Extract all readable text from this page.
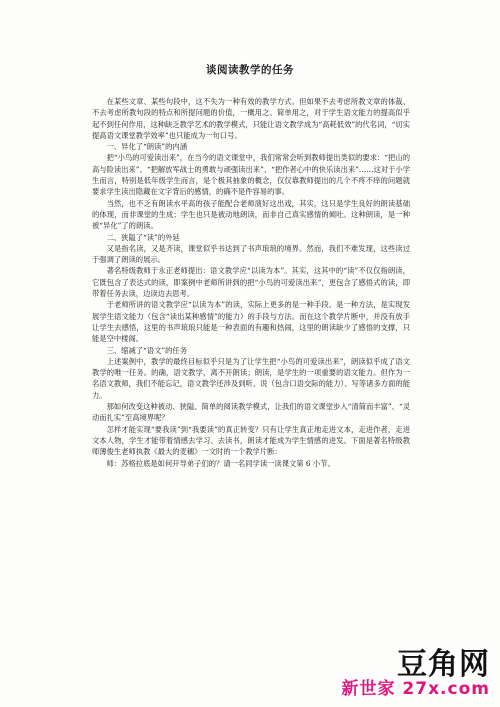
谈阅读教学的任务

在某些文章、某些句段中，这不失为一种有效的教学方式。但如果不去考虑所教文章的体裁、不去考虑所教句段的特点和所提问题的价值，一概用之、简单用之，对于学生语文能力的提高似乎起不到任何作用，这种缺乏教学艺术的教学模式，只能让语文教学成为“高耗低效”的代名词，“切实提高语文课堂教学效率”也只能成为一句口号。

一、异化了“朗读”的内涵

把“小鸟的可爱读出来”，在当今的语文课堂中，我们常常会听到教师提出类似的要求：“把山的高与险读出来”、“把解放军战士的勇敢与顽强读出来”、“把作者心中的快乐读出来”……这对于小学生而言，特别是低年级学生而言，是个极其抽象的概念，仅仅靠教师提出的几个不疼不痒的问题就要求学生读出隐藏在文字背后的感情，的确不是件容易的事。

当然，也不乏有朗读水平高的孩子能配合老师演好这出戏，其实，这只是学生良好的朗读基础的体现，而非课堂的生成；学生也只是被动地朗读，而非自己真实感情的倾吐。这种朗读，是一种被“异化”了的朗读。

二、狭隘了“读”的外延

又是指名读，又是齐读，课堂似乎书达到了书声琅琅的境界。然而，我们不难发现，这些读过于强调了朗读的展示。

著名特级教师于永正老师提出：语文教学应“以读为本”。其实，这其中的“读”不仅仅指朗读，它既包含了表达式的读，即案例中老师所讲到的把“小鸟的可爱读出来”，更包含了感悟式的读，即带着任务去读，边读边去思考。

于老师所讲的语文教学应“以读为本”的读，实际上更多的是一种手段、是一种方法，是实现发展学生语文能力（包含“读出某种感情”的能力）的手段与方法。而在这个教学片断中，并没有放手让学生去感悟，这里的书声琅琅只能是一种表面的有趣和热闹，这里的朗读缺少了感悟的支撑，只能是空中楼阁。

三、缩减了“语文”的任务

上述案例中，教学的最终目标似乎只是为了让学生把“小鸟的可爱读出来”，朗读似乎成了语文教学的唯一任务。的确，语文教学，离不开朗读；朗读，是学生的一项重要的语文能力。但作为一名语文教师，我们不能忘记，语文教学还涉及到听、说（包含口语交际的能力）、写等诸多方面的能力。

那如何改变这种被动、狭隘、简单的阅读教学模式，让我们的语文课堂步入“清简而丰富”、“灵动而扎实”至高境界呢？

怎样才能实现“要我读”到“我要读”的真正转变？只有让学生真正地走进文本，走进作者，走进文本人物，学生才能带着情感去学习、去读书，朗读才能成为学生情感的迸发。下面是著名特级教师薄俊生老师执教《最大的麦穗》一文时的一个教学片断：

师：苏格拉底是如何开导弟子们的？请一名同学读一读课文第 6 小节。

豆角网
新世家 27x.com
